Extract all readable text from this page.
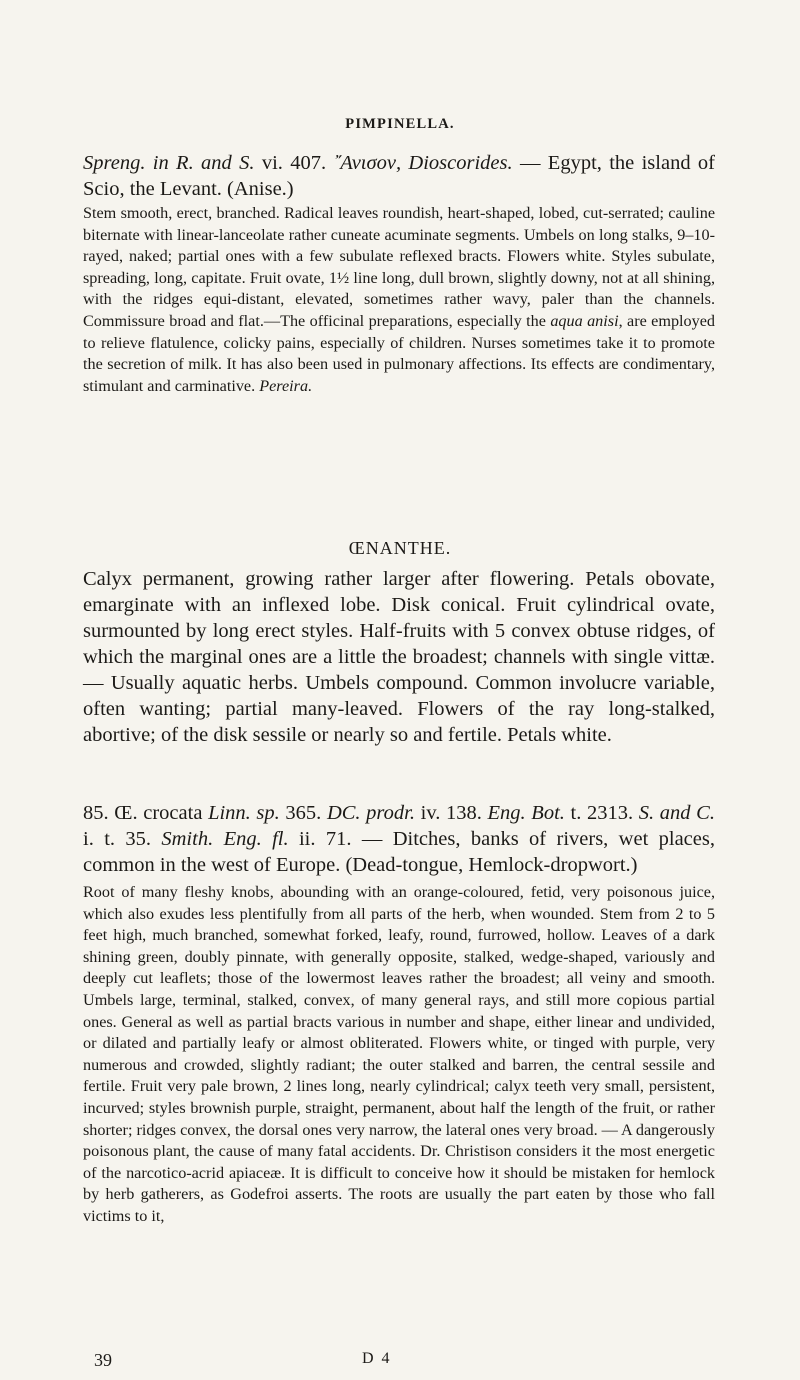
PIMPINELLA.
Spreng. in R. and S. vi. 407. ῎Ανισον, Dioscorides. — Egypt, the island of Scio, the Levant. (Anise.)
Stem smooth, erect, branched. Radical leaves roundish, heart-shaped, lobed, cut-serrated; cauline biternate with linear-lanceolate rather cuneate acuminate segments. Umbels on long stalks, 9–10-rayed, naked; partial ones with a few subulate reflexed bracts. Flowers white. Styles subulate, spreading, long, capitate. Fruit ovate, 1½ line long, dull brown, slightly downy, not at all shining, with the ridges equi-distant, elevated, sometimes rather wavy, paler than the channels. Commissure broad and flat.—The officinal preparations, especially the aqua anisi, are employed to relieve flatulence, colicky pains, especially of children. Nurses sometimes take it to promote the secretion of milk. It has also been used in pulmonary affections. Its effects are condimentary, stimulant and carminative. Pereira.
ŒNANTHE.
Calyx permanent, growing rather larger after flowering. Petals obovate, emarginate with an inflexed lobe. Disk conical. Fruit cylindrical ovate, surmounted by long erect styles. Half-fruits with 5 convex obtuse ridges, of which the marginal ones are a little the broadest; channels with single vittæ. — Usually aquatic herbs. Umbels compound. Common involucre variable, often wanting; partial many-leaved. Flowers of the ray long-stalked, abortive; of the disk sessile or nearly so and fertile. Petals white.
85. Œ. crocata Linn. sp. 365. DC. prodr. iv. 138. Eng. Bot. t. 2313. S. and C. i. t. 35. Smith. Eng. fl. ii. 71. — Ditches, banks of rivers, wet places, common in the west of Europe. (Dead-tongue, Hemlock-dropwort.)
Root of many fleshy knobs, abounding with an orange-coloured, fetid, very poisonous juice, which also exudes less plentifully from all parts of the herb, when wounded. Stem from 2 to 5 feet high, much branched, somewhat forked, leafy, round, furrowed, hollow. Leaves of a dark shining green, doubly pinnate, with generally opposite, stalked, wedge-shaped, variously and deeply cut leaflets; those of the lowermost leaves rather the broadest; all veiny and smooth. Umbels large, terminal, stalked, convex, of many general rays, and still more copious partial ones. General as well as partial bracts various in number and shape, either linear and undivided, or dilated and partially leafy or almost obliterated. Flowers white, or tinged with purple, very numerous and crowded, slightly radiant; the outer stalked and barren, the central sessile and fertile. Fruit very pale brown, 2 lines long, nearly cylindrical; calyx teeth very small, persistent, incurved; styles brownish purple, straight, permanent, about half the length of the fruit, or rather shorter; ridges convex, the dorsal ones very narrow, the lateral ones very broad. — A dangerously poisonous plant, the cause of many fatal accidents. Dr. Christison considers it the most energetic of the narcotico-acrid apiaceæ. It is difficult to conceive how it should be mistaken for hemlock by herb gatherers, as Godefroi asserts. The roots are usually the part eaten by those who fall victims to it,
39	D 4
